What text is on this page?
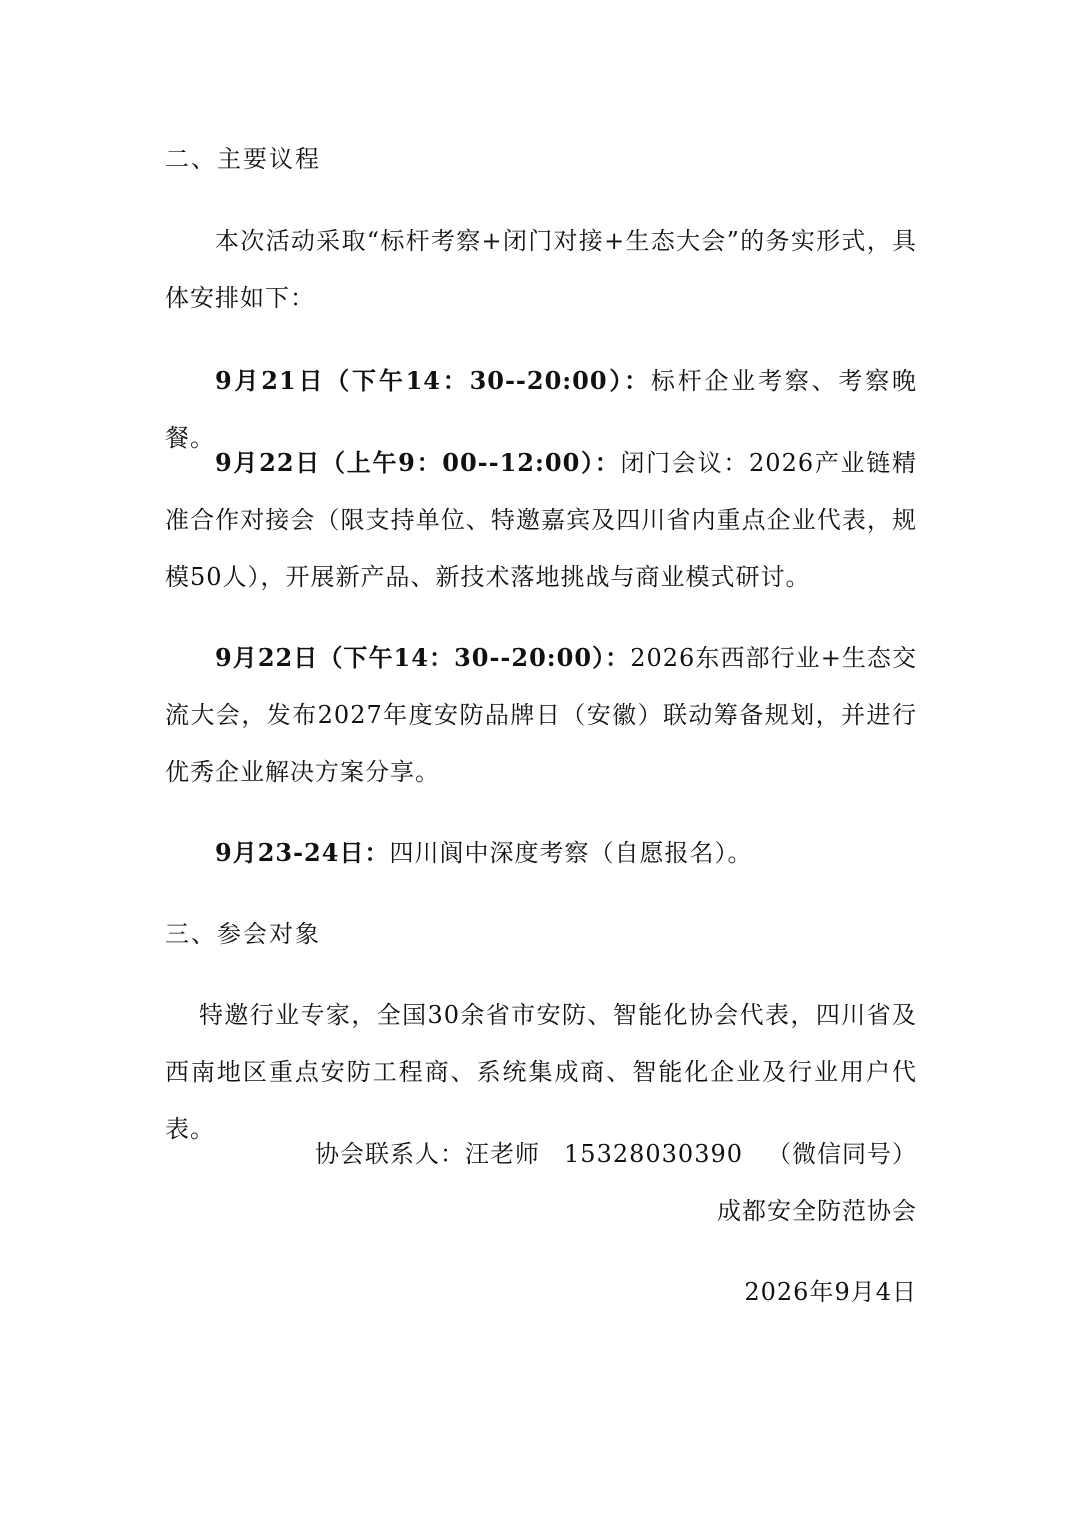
二、主要议程
本次活动采取“标杆考察+闭门对接+生态大会”的务实形式，具体安排如下：
9月21日（下午14：30--20:00）：标杆企业考察、考察晚餐。
9月22日（上午9：00--12:00）：闭门会议：2026产业链精准合作对接会（限支持单位、特邀嘉宾及四川省内重点企业代表，规模50人），开展新产品、新技术落地挑战与商业模式研讨。
9月22日（下午14：30--20:00）：2026东西部行业+生态交流大会，发布2027年度安防品牌日（安徽）联动筹备规划，并进行优秀企业解决方案分享。
9月23-24日：四川阆中深度考察（自愿报名）。
三、参会对象
特邀行业专家，全国30余省市安防、智能化协会代表，四川省及西南地区重点安防工程商、系统集成商、智能化企业及行业用户代表。
协会联系人：汪老师 15328030390 （微信同号）
成都安全防范协会
2026年9月4日
